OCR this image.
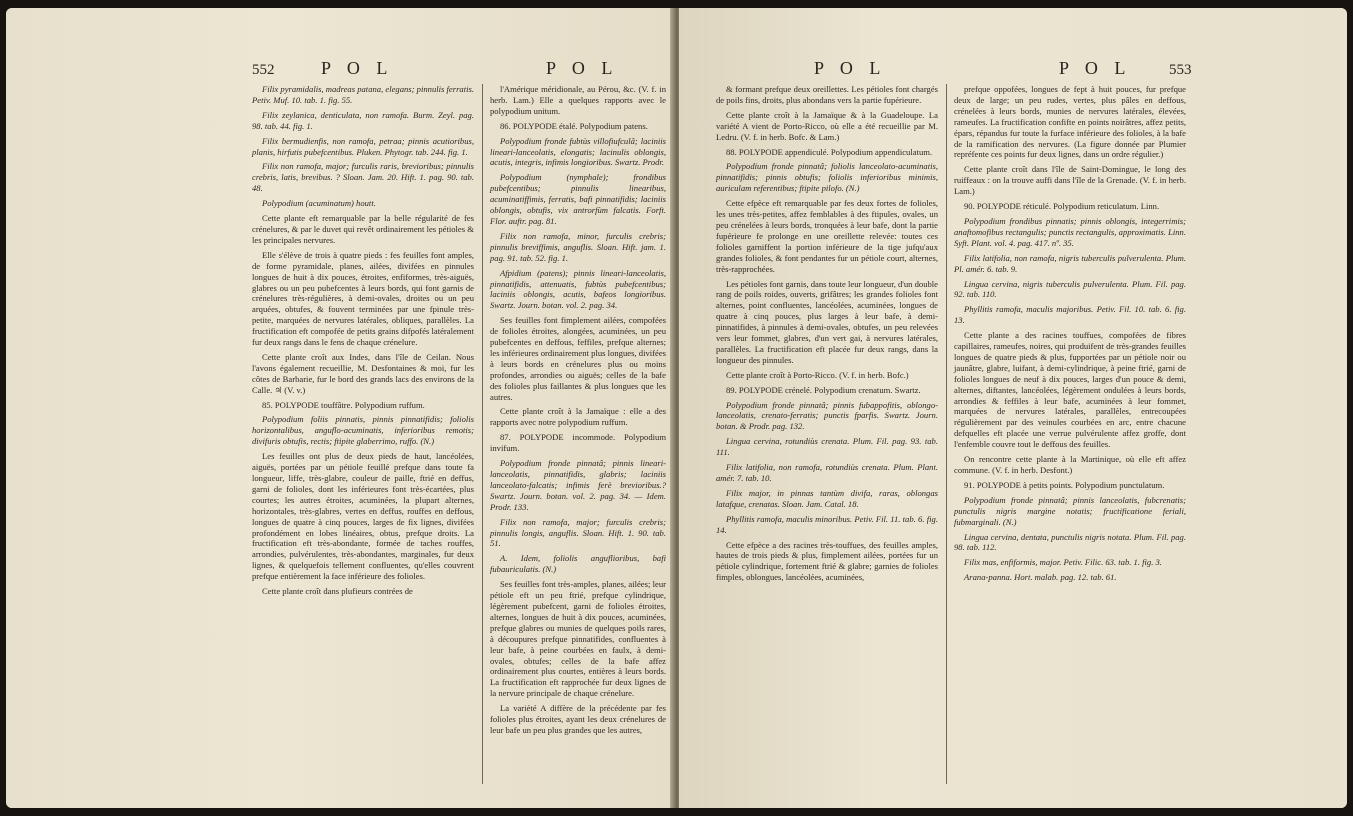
552	P O L	P O L

Filix pyramidalis, madreas patana, elegans; pinnulis ferratis. Petiv. Muf. 10. tab. 1. fig. 55.

Filix zeylanica, denticulata, non ramofa. Burm. Zeyl. pag. 98. tab. 44. fig. 1.

Filix bermudienfis, non ramofa, petraa; pinnis acutioribus, planis, hirfutis pubefcentibus. Pluken. Phytogr. tab. 244. fig. 1.

Filix non ramofa, major; furculis raris, brevioribus; pinnulis crebris, latis, brevibus. ? Sloan. Jam. 20. Hift. 1. pag. 90. tab. 48.

Polypodium (acuminatum) houtt.

Cette plante eft remarquable par la belle régularité de fes crénelures, & par le duvet qui revêt ordinairement les pétioles & les principales nervures.

Elle s'élève de trois à quatre pieds : fes feuilles font amples, de forme pyramidale, planes, ailées, divifées en pinnules longues de huit à dix pouces, étroites, enfiformes, très-aiguës, glabres ou un peu pubefcentes à leurs bords, qui font garnis de crénelures très-régulières, à demi-ovales, droites ou un peu arquées, obtufes, & fouvent terminées par une fpinule très-petite, marquées de nervures latérales, obliques, parallèles. La fructification eft compofée de petits grains difpofés latéralement fur deux rangs dans le fens de chaque crénelure.

Cette plante croît aux Indes, dans l'île de Ceilan. Nous l'avons également recueillie, M. Desfontaines & moi, fur les côtes de Barbarie, fur le bord des grands lacs des environs de la Calle. ♃ (V. v.)

85. POLYPODE touffâtre. Polypodium ruffum.

Polypodium foliis pinnatis, pinnis pinnatifidis; foliolis horizontalibus, anguflo-acuminatis, inferioribus remotis; divifuris obtufis, rectis; ftipite glaberrimo, ruffo. (N.)

Les feuilles ont plus de deux pieds de haut, lancéolées, aiguës, portées par un pétiole feuillé prefque dans toute fa longueur, liffe, très-glabre, couleur de paille, ftrié en deffus, garni de folioles, dont les inférieures font très-écartées, plus courtes; les autres étroites, acuminées, la plupart alternes, horizontales, très-glabres, vertes en deffus, rouffes en deffous, longues de quatre à cinq pouces, larges de fix lignes, divifées profondément en lobes linéaires, obtus, prefque droits. La fructification eft très-abondante, formée de taches rouffes, arrondies, pulvérulentes, très-abondantes, marginales, fur deux lignes, & quelquefois tellement confluentes, qu'elles couvrent prefque entièrement la face inférieure des folioles.

Cette plante croît dans plufieurs contrées de

l'Amérique méridionale, au Pérou, &c. (V. f. in herb. Lam.) Elle a quelques rapports avec le polypodium unitum.

86. POLYPODE étalé. Polypodium patens.

Polypodium fronde fubtùs villofiufculâ; laciniis lineari-lanceolatis, elongatis; lacinulis oblongis, acutis, integris, infimis longioribus. Swartz. Prodr.

Polypodium (nymphale); frondibus pubefcentibus; pinnulis linearibus, acuminatiffimis, ferratis, bafi pinnatifidis; laciniis oblongis, obtufis, vix antrorfùm falcatis. Forft. Flor. auftr. pag. 81.

Filix non ramofa, minor, furculis crebris; pinnulis breviffimis, anguflis. Sloan. Hift. jam. 1. pag. 91. tab. 52. fig. 1.

Afpidium (patens); pinnis lineari-lanceolatis, pinnatifidis, attenuatis, fubtùs pubefcentibus; laciniis oblongis, acutis, bafeos longioribus. Swartz. Journ. botan. vol. 2. pag. 34.

Ses feuilles font fimplement ailées, compofées de folioles étroites, alongées, acuminées, un peu pubefcentes en deffous, feffiles, prefque alternes; les inférieures ordinairement plus longues, divifées à leurs bords en crénelures plus ou moins profondes, arrondies ou aiguës; celles de la bafe des folioles plus faillantes & plus longues que les autres.

Cette plante croît à la Jamaïque : elle a des rapports avec notre polypodium ruffum.

87. POLYPODE incommode. Polypodium invifum.

Polypodium fronde pinnatâ; pinnis lineari-lanceolatis, pinnatifidis, glabris; laciniis lanceolato-falcatis; infimis ferè brevioribus.? Swartz. Journ. botan. vol. 2. pag. 34. — Idem. Prodr. 133.

Filix non ramofa, major; furculis crebris; pinnulis longis, anguflis. Sloan. Hift. 1. 90. tab. 51.

A. Idem, foliolis anguflioribus, bafi fubauriculatis. (N.)

Ses feuilles font très-amples, planes, ailées; leur pétiole eft un peu ftrié, prefque cylindrique, légèrement pubefcent, garni de folioles étroites, alternes, longues de huit à dix pouces, acuminées, prefque glabres ou munies de quelques poils rares, à découpures prefque pinnatifides, confluentes à leur bafe, à peine courbées en faulx, à demi-ovales, obtufes; celles de la bafe affez ordinairement plus courtes, entières à leurs bords. La fructification eft rapprochée fur deux lignes de la nervure principale de chaque crénelure.

La variété A diffère de la précédente par fes folioles plus étroites, ayant les deux crénelures de leur bafe un peu plus grandes que les autres,

P O L	P O L	553

& formant prefque deux oreillettes. Les pétioles font chargés de poils fins, droits, plus abondans vers la partie fupérieure.

Cette plante croît à la Jamaïque & à la Guadeloupe. La variété A vient de Porto-Ricco, où elle a été recueillie par M. Ledru. (V. f. in herb. Bofc. & Lam.)

88. POLYPODE appendiculé. Polypodium appendiculatum.

Polypodium fronde pinnatâ; foliolis lanceolato-acuminatis, pinnatifidis; pinnis obtufis; foliolis inferioribus minimis, auriculam referentibus; ftipite pilofo. (N.)

Cette efpèce eft remarquable par fes deux fortes de folioles, les unes très-petites, affez femblables à des ftipules, ovales, un peu crénelées à leurs bords, tronquées à leur bafe, dont la partie fupérieure fe prolonge en une oreillette relevée: toutes ces folioles garniffent la portion inférieure de la tige jufqu'aux grandes folioles, & font pendantes fur un pétiole court, alternes, très-rapprochées.

Les pétioles font garnis, dans toute leur longueur, d'un double rang de poils roides, ouverts, grifâtres; les grandes folioles font alternes, point confluentes, lancéolées, acuminées, longues de quatre à cinq pouces, plus larges à leur bafe, à demi-pinnatifides, à pinnules à demi-ovales, obtufes, un peu relevées vers leur fommet, glabres, d'un vert gai, à nervures latérales, parallèles. La fructification eft placée fur deux rangs, dans la longueur des pinnules.

Cette plante croît à Porto-Ricco. (V. f. in herb. Bofc.)

89. POLYPODE crénelé. Polypodium crenatum. Swartz.

Polypodium fronde pinnatâ; pinnis fubappofitis, oblongo-lanceolatis, crenato-ferratis; punctis fparfis. Swartz. Journ. botan. & Prodr. pag. 132.

Lingua cervina, rotundiùs crenata. Plum. Fil. pag. 93. tab. 111.

Filix latifolia, non ramofa, rotundiùs crenata. Plum. Plant. amér. 7. tab. 10.

Filix major, in pinnas tantùm divifa, raras, oblongas latafque, crenatas. Sloan. Jam. Catal. 18.

Phyllitis ramofa, maculis minoribus. Petiv. Fil. 11. tab. 6. fig. 14.

Cette efpèce a des racines très-touffues, des feuilles amples, hautes de trois pieds & plus, fimplement ailées, portées fur un pétiole cylindrique, fortement ftrié & glabre; garnies de folioles fimples, oblongues, lancéolées, acuminées,

prefque oppofées, longues de fept à huit pouces, fur prefque deux de large; un peu rudes, vertes, plus pâles en deffous, crénelées à leurs bords, munies de nervures latérales, élevées, rameufes. La fructification confifte en points noirâtres, affez petits, épars, répandus fur toute la furface inférieure des folioles, à la bafe de la ramification des nervures. (La figure donnée par Plumier repréfente ces points fur deux lignes, dans un ordre régulier.)

Cette plante croît dans l'île de Saint-Domingue, le long des ruiffeaux : on la trouve auffi dans l'île de la Grenade. (V. f. in herb. Lam.)

90. POLYPODE réticulé. Polypodium reticulatum. Linn.

Polypodium frondibus pinnatis; pinnis oblongis, integerrimis; anaftomofibus rectangulis; punctis rectangulis, approximatis. Linn. Syft. Plant. vol. 4. pag. 417. nº. 35.

Filix latifolia, non ramofa, nigris tuberculis pulverulenta. Plum. Pl. amér. 6. tab. 9.

Lingua cervina, nigris tuberculis pulverulenta. Plum. Fil. pag. 92. tab. 110.

Phyllitis ramofa, maculis majoribus. Petiv. Fil. 10. tab. 6. fig. 13.

Cette plante a des racines touffues, compofées de fibres capillaires, rameufes, noires, qui produifent de très-grandes feuilles longues de quatre pieds & plus, fupportées par un pétiole noir ou jaunâtre, glabre, luifant, à demi-cylindrique, à peine ftrié, garni de folioles longues de neuf à dix pouces, larges d'un pouce & demi, alternes, diftantes, lancéolées, légèrement ondulées à leurs bords, arrondies & feffiles à leur bafe, acuminées à leur fommet, marquées de nervures latérales, parallèles, entrecoupées régulièrement par des veinules courbées en arc, entre chacune defquelles eft placée une verrue pulvérulente affez groffe, dont l'enfemble couvre tout le deffous des feuilles.

On rencontre cette plante à la Martinique, où elle eft affez commune. (V. f. in herb. Desfont.)

91. POLYPODE à petits points. Polypodium punctulatum.

Polypodium fronde pinnatâ; pinnis lanceolatis, fubcrenatis; punctulis nigris margine notatis; fructificatione feriali, fubmarginali. (N.)

Lingua cervina, dentata, punctulis nigris notata. Plum. Fil. pag. 98. tab. 112.

Filix mas, enfiformis, major. Petiv. Filic. 63. tab. 1. fig. 3.

Arana-panna. Hort. malab. pag. 12. tab. 61.
